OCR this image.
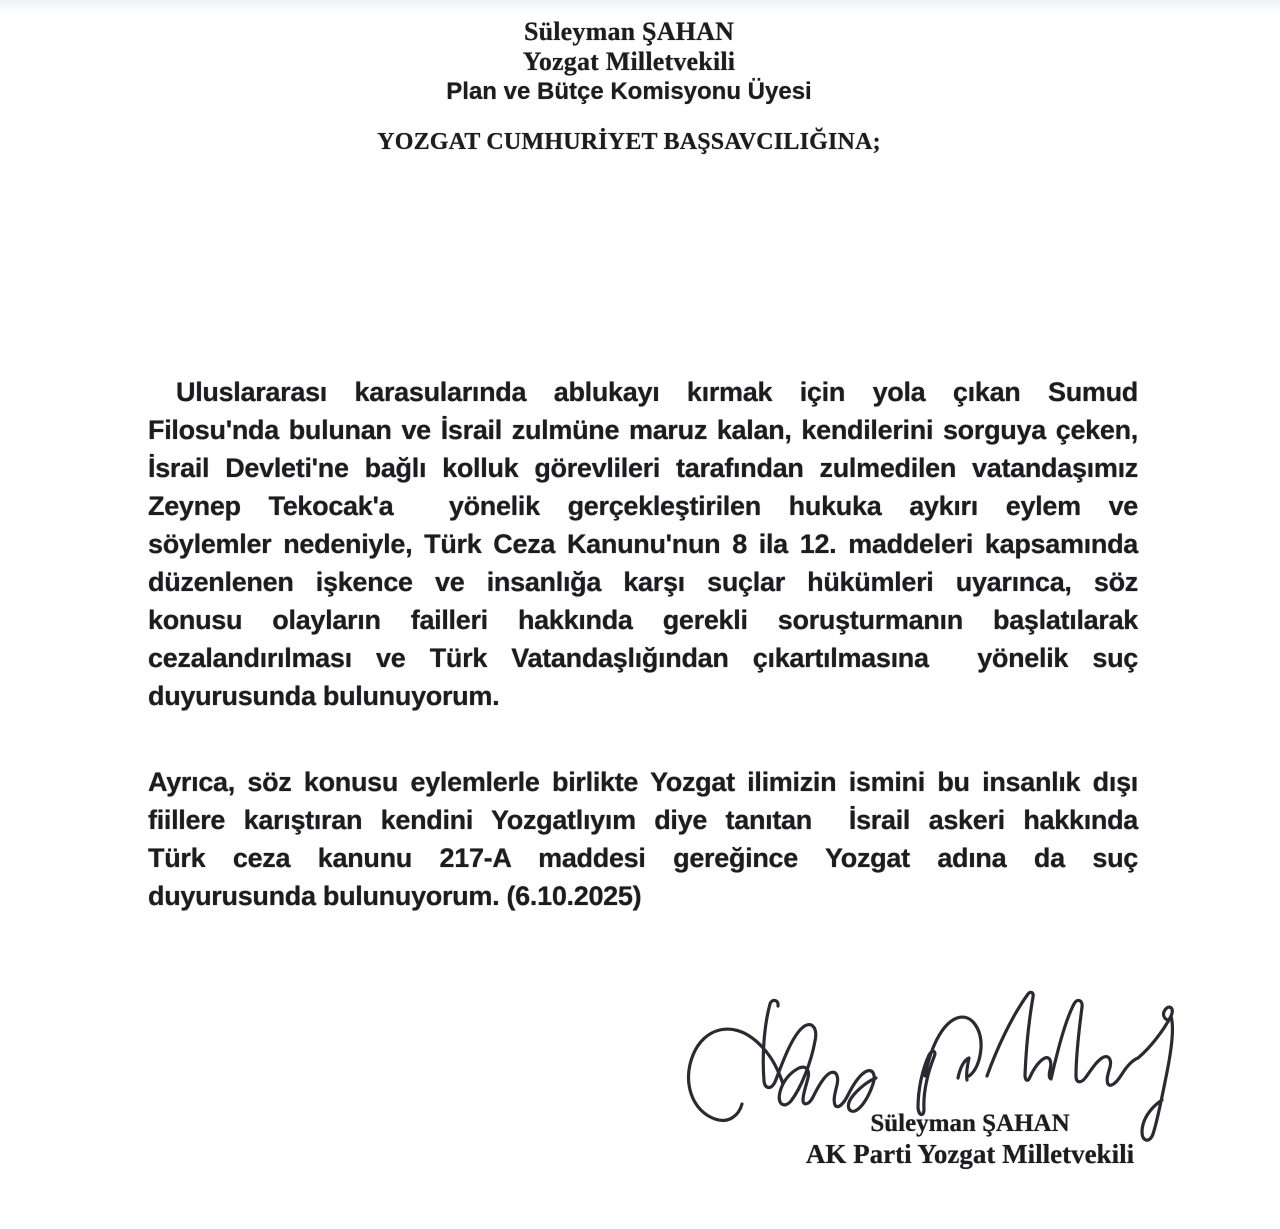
Süleyman ŞAHAN
Yozgat Milletvekili
Plan ve Bütçe Komisyonu Üyesi
YOZGAT CUMHURİYET BAŞSAVCILIĞINA;
Uluslararası karasularında ablukayı kırmak için yola çıkan Sumud
Filosu'nda bulunan ve İsrail zulmüne maruz kalan, kendilerini sorguya çeken,
İsrail Devleti'ne bağlı kolluk görevlileri tarafından zulmedilen vatandaşımız
Zeynep Tekocak'a  yönelik gerçekleştirilen hukuka aykırı eylem ve
söylemler nedeniyle, Türk Ceza Kanunu'nun 8 ila 12. maddeleri kapsamında
düzenlenen işkence ve insanlığa karşı suçlar hükümleri uyarınca, söz
konusu olayların failleri hakkında gerekli soruşturmanın başlatılarak
cezalandırılması ve Türk Vatandaşlığından çıkartılmasına  yönelik suç
duyurusunda bulunuyorum.
Ayrıca, söz konusu eylemlerle birlikte Yozgat ilimizin ismini bu insanlık dışı
fiillere karıştıran kendini Yozgatlıyım diye tanıtan  İsrail askeri hakkında
Türk ceza kanunu 217-A maddesi gereğince Yozgat adına da suç
duyurusunda bulunuyorum. (6.10.2025)
Süleyman ŞAHAN
AK Parti Yozgat Milletvekili
